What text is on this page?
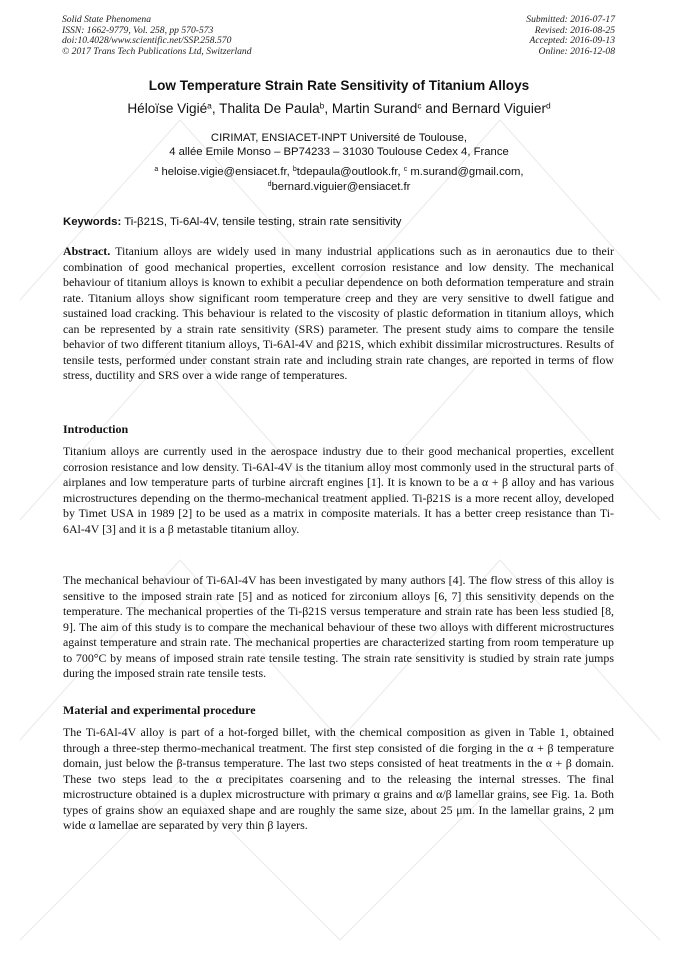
Solid State Phenomena
ISSN: 1662-9779, Vol. 258, pp 570-573
doi:10.4028/www.scientific.net/SSP.258.570
© 2017 Trans Tech Publications Ltd, Switzerland
Submitted: 2016-07-17
Revised: 2016-08-25
Accepted: 2016-09-13
Online: 2016-12-08
Low Temperature Strain Rate Sensitivity of Titanium Alloys
Héloïse Vigié$^a$, Thalita De Paula$^b$, Martin Surand$^c$ and Bernard Viguier$^d$
CIRIMAT, ENSIACET-INPT Université de Toulouse,
4 allée Emile Monso – BP74233 – 31030 Toulouse Cedex 4, France
$^a$ heloise.vigie@ensiacet.fr, $^b$tdepaula@outlook.fr, $^c$ m.surand@gmail.com,
$^d$bernard.viguier@ensiacet.fr
Keywords: Ti-β21S, Ti-6Al-4V, tensile testing, strain rate sensitivity
Abstract. Titanium alloys are widely used in many industrial applications such as in aeronautics due to their combination of good mechanical properties, excellent corrosion resistance and low density. The mechanical behaviour of titanium alloys is known to exhibit a peculiar dependence on both deformation temperature and strain rate. Titanium alloys show significant room temperature creep and they are very sensitive to dwell fatigue and sustained load cracking. This behaviour is related to the viscosity of plastic deformation in titanium alloys, which can be represented by a strain rate sensitivity (SRS) parameter. The present study aims to compare the tensile behavior of two different titanium alloys, Ti-6Al-4V and β21S, which exhibit dissimilar microstructures. Results of tensile tests, performed under constant strain rate and including strain rate changes, are reported in terms of flow stress, ductility and SRS over a wide range of temperatures.
Introduction
Titanium alloys are currently used in the aerospace industry due to their good mechanical properties, excellent corrosion resistance and low density. Ti-6Al-4V is the titanium alloy most commonly used in the structural parts of airplanes and low temperature parts of turbine aircraft engines [1]. It is known to be a α + β alloy and has various microstructures depending on the thermo-mechanical treatment applied. Ti-β21S is a more recent alloy, developed by Timet USA in 1989 [2] to be used as a matrix in composite materials. It has a better creep resistance than Ti-6Al-4V [3] and it is a β metastable titanium alloy.
The mechanical behaviour of Ti-6Al-4V has been investigated by many authors [4]. The flow stress of this alloy is sensitive to the imposed strain rate [5] and as noticed for zirconium alloys [6, 7] this sensitivity depends on the temperature. The mechanical properties of the Ti-β21S versus temperature and strain rate has been less studied [8, 9]. The aim of this study is to compare the mechanical behaviour of these two alloys with different microstructures against temperature and strain rate. The mechanical properties are characterized starting from room temperature up to 700°C by means of imposed strain rate tensile testing. The strain rate sensitivity is studied by strain rate jumps during the imposed strain rate tensile tests.
Material and experimental procedure
The Ti-6Al-4V alloy is part of a hot-forged billet, with the chemical composition as given in Table 1, obtained through a three-step thermo-mechanical treatment. The first step consisted of die forging in the α + β temperature domain, just below the β-transus temperature. The last two steps consisted of heat treatments in the α + β domain. These two steps lead to the α precipitates coarsening and to the releasing the internal stresses. The final microstructure obtained is a duplex microstructure with primary α grains and α/β lamellar grains, see Fig. 1a. Both types of grains show an equiaxed shape and are roughly the same size, about 25 μm. In the lamellar grains, 2 μm wide α lamellae are separated by very thin β layers.
